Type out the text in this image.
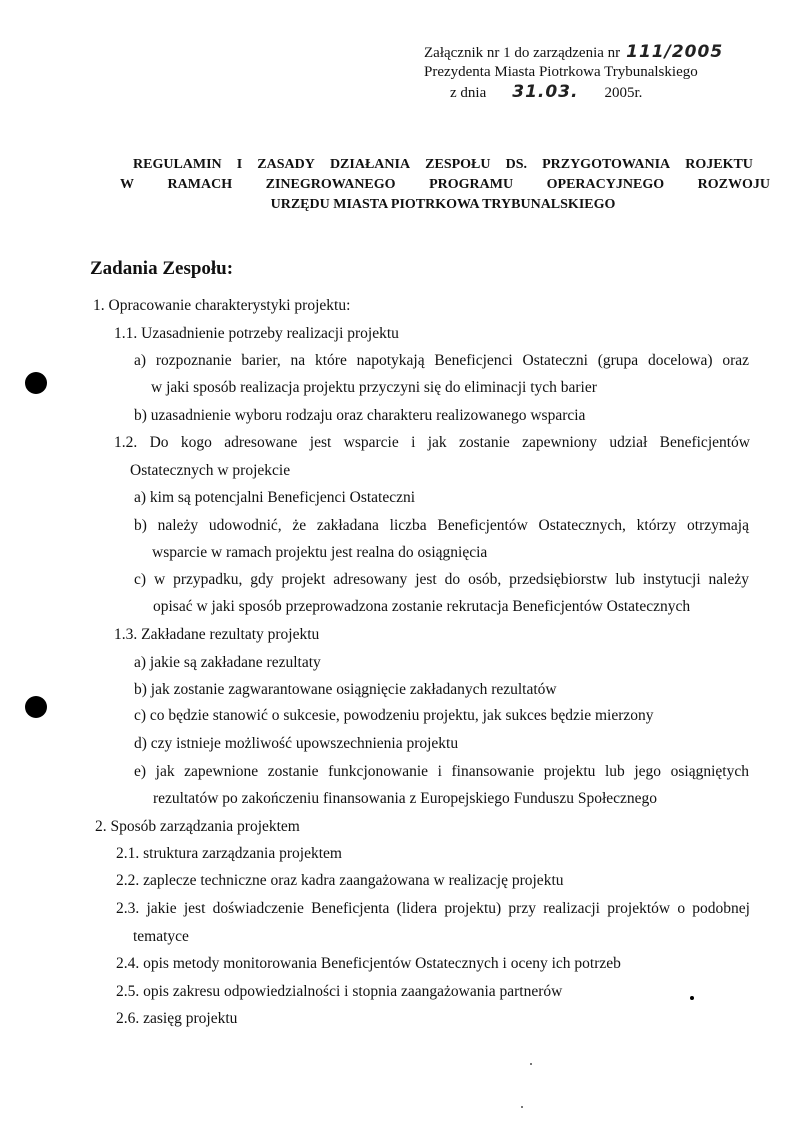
Załącznik nr 1 do zarządzenia nr 111/2005
Prezydenta Miasta Piotrkowa Trybunalskiego
z dnia 31.03. 2005r.
REGULAMIN I ZASADY DZIAŁANIA ZESPOŁU DS. PRZYGOTOWANIA ROJEKTU
W RAMACH ZINEGROWANEGO PROGRAMU OPERACYJNEGO ROZWOJU
URZĘDU MIASTA PIOTRKOWA TRYBUNALSKIEGO
Zadania Zespołu:
1. Opracowanie charakterystyki projektu:
1.1. Uzasadnienie potrzeby realizacji projektu
a) rozpoznanie barier, na które napotykają Beneficjenci Ostateczni (grupa docelowa) oraz
w jaki sposób realizacja projektu przyczyni się do eliminacji tych barier
b) uzasadnienie wyboru rodzaju oraz charakteru realizowanego wsparcia
1.2. Do kogo adresowane jest wsparcie i jak zostanie zapewniony udział Beneficjentów
Ostatecznych w projekcie
a) kim są potencjalni Beneficjenci Ostateczni
b) należy udowodnić, że zakładana liczba Beneficjentów Ostatecznych, którzy otrzymają
wsparcie w ramach projektu jest realna do osiągnięcia
c) w przypadku, gdy projekt adresowany jest do osób, przedsiębiorstw lub instytucji należy
opisać w jaki sposób przeprowadzona zostanie rekrutacja Beneficjentów Ostatecznych
1.3. Zakładane rezultaty projektu
a) jakie są zakładane rezultaty
b) jak zostanie zagwarantowane osiągnięcie zakładanych rezultatów
c) co będzie stanowić o sukcesie, powodzeniu projektu, jak sukces będzie mierzony
d) czy istnieje możliwość upowszechnienia projektu
e) jak zapewnione zostanie funkcjonowanie i finansowanie projektu lub jego osiągniętych
rezultatów po zakończeniu finansowania z Europejskiego Funduszu Społecznego
2. Sposób zarządzania projektem
2.1. struktura zarządzania projektem
2.2. zaplecze techniczne oraz kadra zaangażowana w realizację projektu
2.3. jakie jest doświadczenie Beneficjenta (lidera projektu) przy realizacji projektów o podobnej
tematyce
2.4. opis metody monitorowania Beneficjentów Ostatecznych i oceny ich potrzeb
2.5. opis zakresu odpowiedzialności i stopnia zaangażowania partnerów
2.6. zasięg projektu
